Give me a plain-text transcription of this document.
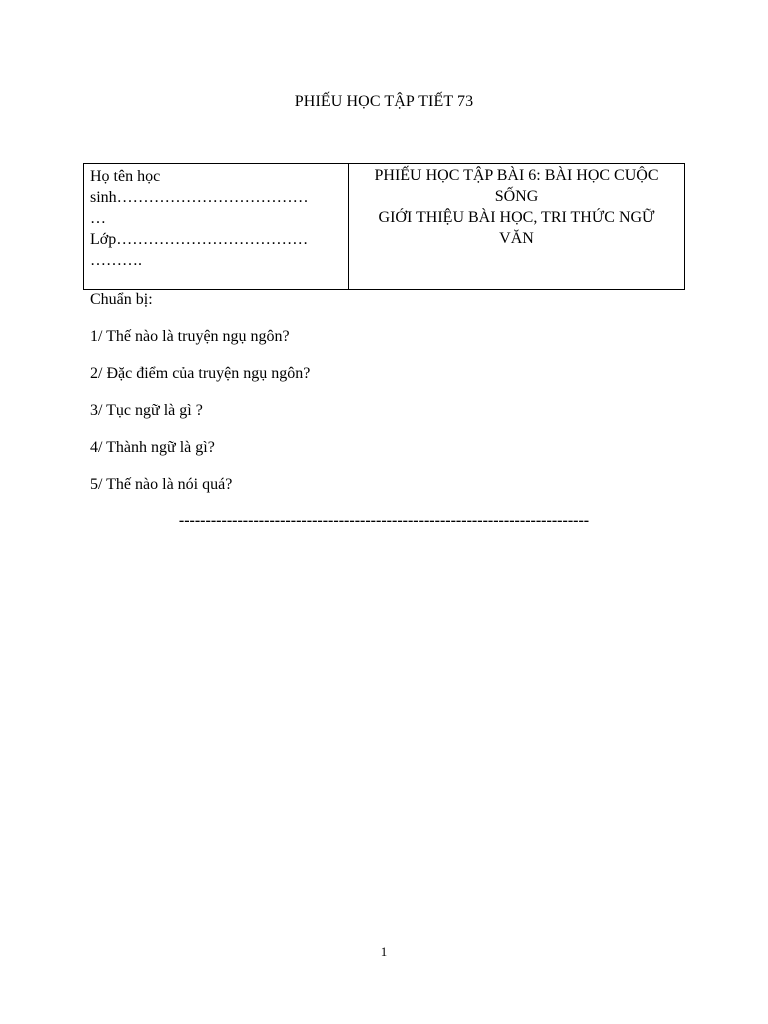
PHIẾU HỌC TẬP TIẾT 73
Họ tên học
sinh………………………………
…
Lớp………………………………
……….
PHIẾU HỌC TẬP BÀI 6: BÀI HỌC CUỘC
SỐNG
GIỚI THIỆU BÀI HỌC, TRI THỨC NGỮ
VĂN
Chuẩn bị:
1/ Thế nào là truyện ngụ ngôn?
2/ Đặc điểm của truyện ngụ ngôn?
3/ Tục ngữ là gì ?
4/ Thành ngữ là gì?
5/ Thế nào là nói quá?
-----------------------------------------------------------------------------
1
